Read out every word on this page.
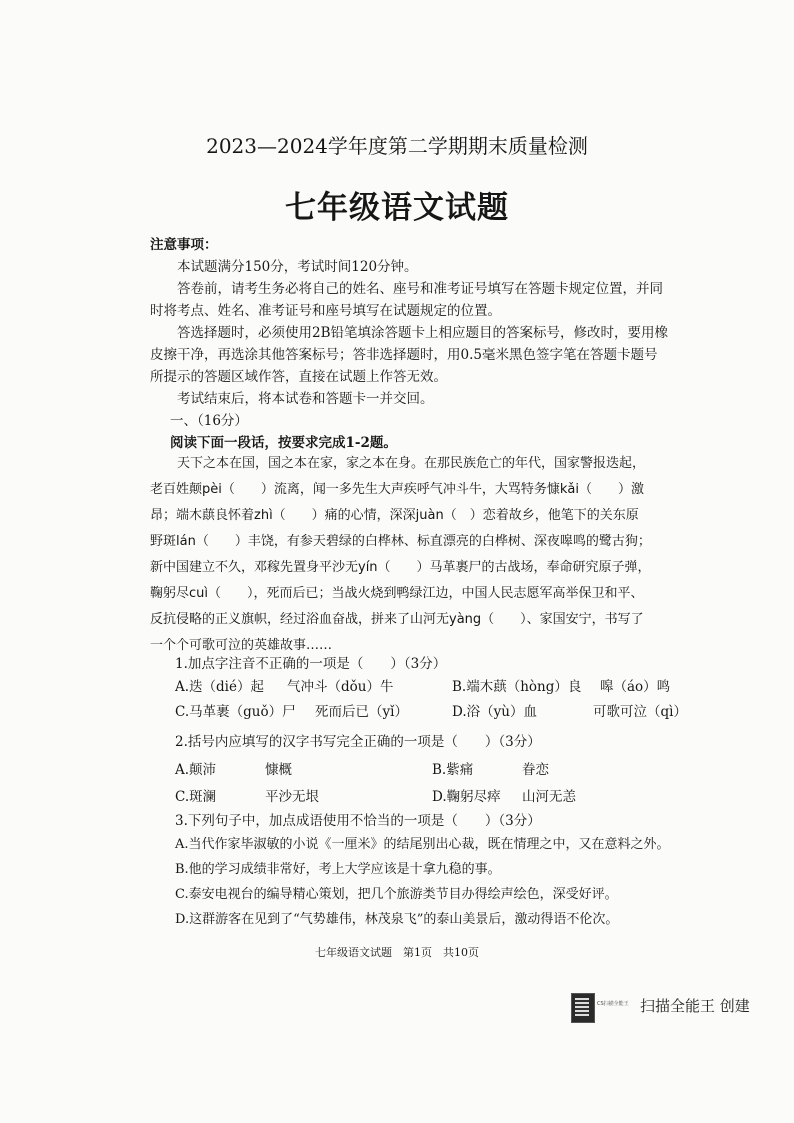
2023—2024学年度第二学期期末质量检测
七年级语文试题
注意事项：
本试题满分150分，考试时间120分钟。
答卷前，请考生务必将自己的姓名、座号和准考证号填写在答题卡规定位置，并同
时将考点、姓名、准考证号和座号填写在试题规定的位置。
答选择题时，必须使用2B铅笔填涂答题卡上相应题目的答案标号，修改时，要用橡
皮擦干净，再选涂其他答案标号；答非选择题时，用0.5毫米黑色签字笔在答题卡题号
所提示的答题区域作答，直接在试题上作答无效。
考试结束后，将本试卷和答题卡一并交回。
一、（16分）
阅读下面一段话，按要求完成1-2题。
天下之本在国，国之本在家，家之本在身。在那民族危亡的年代，国家警报迭起，
老百姓颠pèi（　　）流离，闻一多先生大声疾呼气冲斗牛，大骂特务慷kǎi（　　）激
昂；端木蕻良怀着zhì（　　）痛的心情，深深juàn（　）恋着故乡，他笔下的关东原
野斑lán（　　）丰饶，有参天碧绿的白桦林、标直漂亮的白桦树、深夜嗥鸣的鹭古狗；
新中国建立不久，邓稼先置身平沙无yín（　　）马革裹尸的古战场，奉命研究原子弹，
鞠躬尽cuì（　　），死而后已；当战火烧到鸭绿江边，中国人民志愿军高举保卫和平、
反抗侵略的正义旗帜，经过浴血奋战，拼来了山河无yàng（　　）、家国安宁，书写了
一个个可歌可泣的英雄故事……
1.加点字注音不正确的一项是（　　）（3分）
A.迭（dié）起 气冲斗（dǒu）牛	B.端木蕻（hòng）良 嗥（áo）鸣
C.马革裹（guǒ）尸 死而后已（yǐ）	D.浴（yù）血	可歌可泣（qì）
2.括号内应填写的汉字书写完全正确的一项是（　　）（3分）
A.颠沛	慷概	B.紫痛	眷恋
C.斑澜	平沙无垠	D.鞠躬尽瘁 山河无恙
3.下列句子中，加点成语使用不恰当的一项是（　　）（3分）
A.当代作家毕淑敏的小说《一厘米》的结尾别出心裁，既在情理之中，又在意料之外。
B.他的学习成绩非常好，考上大学应该是十拿九稳的事。
C.泰安电视台的编导精心策划，把几个旅游类节目办得绘声绘色，深受好评。
D.这群游客在见到了“气势雄伟，林茂泉飞”的泰山美景后，激动得语不伦次。
七年级语文试题　第1页　共10页
CS扫描全能王 扫描全能王 创建
